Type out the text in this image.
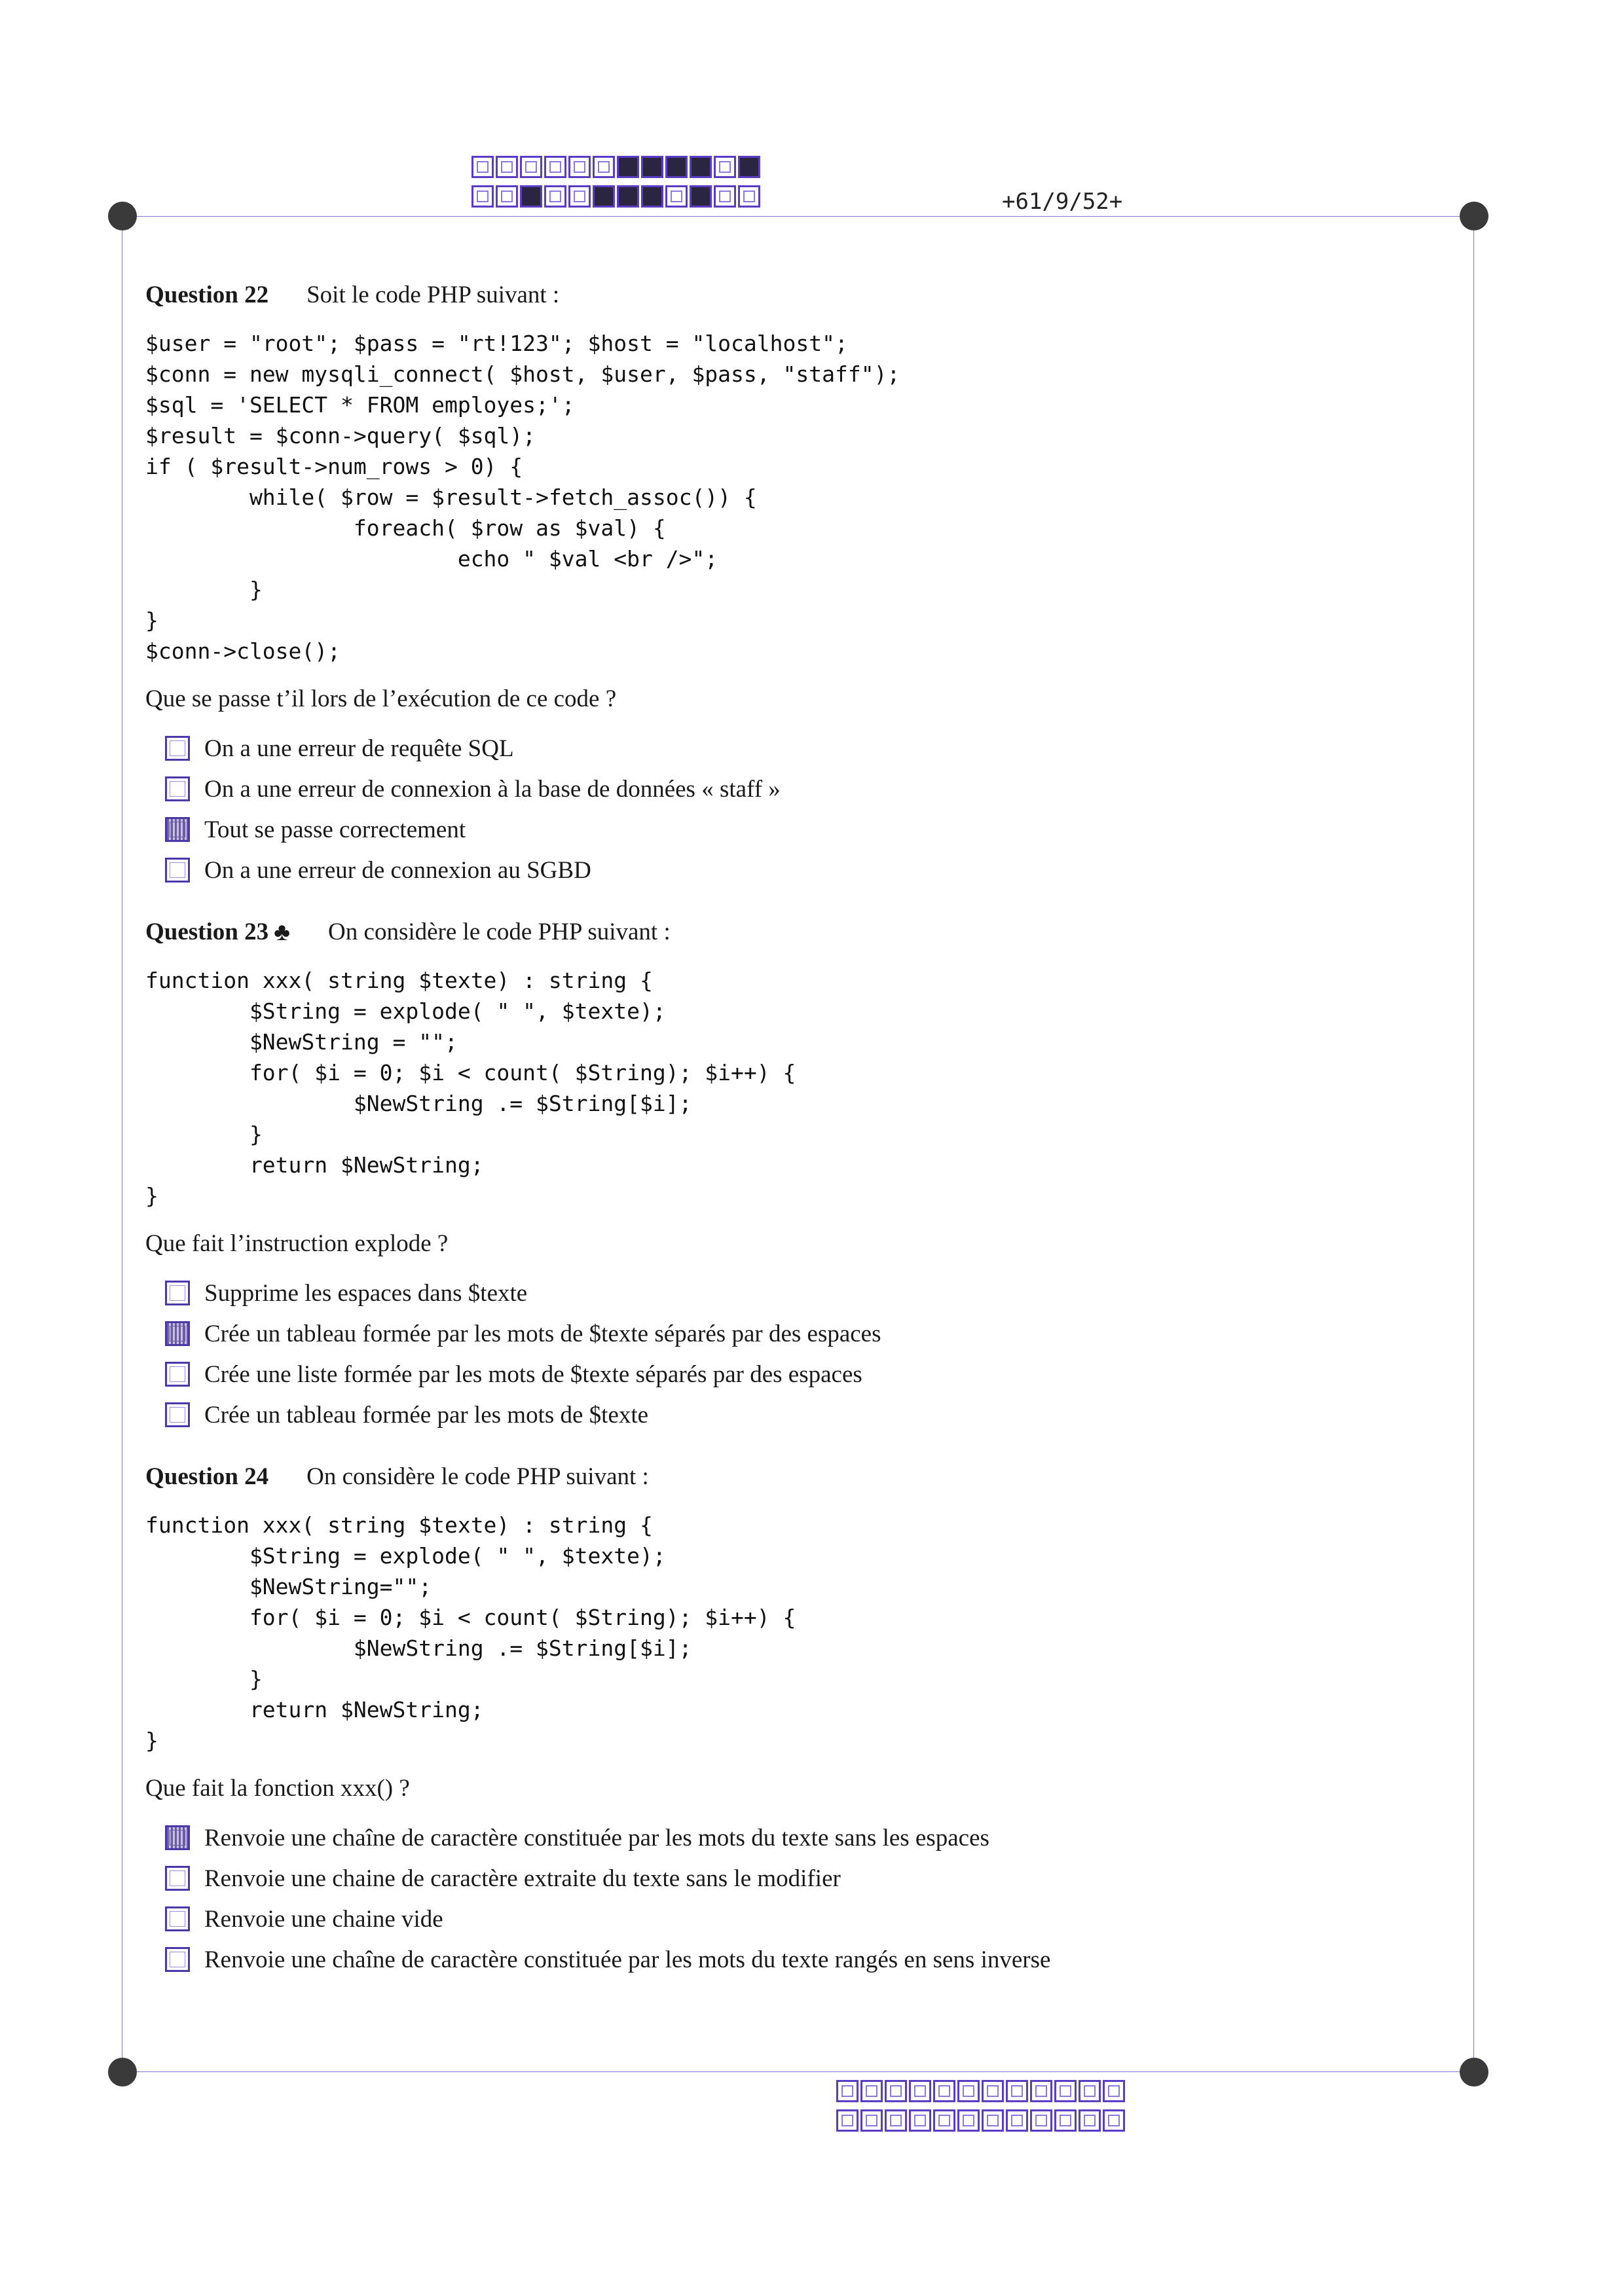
+61/9/52+
Question 22 Soit le code PHP suivant :
$user = "root"; $pass = "rt!123"; $host = "localhost";
$conn = new mysqli_connect( $host, $user, $pass, "staff");
$sql = 'SELECT * FROM employes;';
$result = $conn->query( $sql);
if ( $result->num_rows > 0) {
while( $row = $result->fetch_assoc()) {
foreach( $row as $val) {
echo " $val <br />";
}
}
$conn->close();
Que se passe t’il lors de l’exécution de ce code ?
On a une erreur de requête SQL
On a une erreur de connexion à la base de données « staff »
Tout se passe correctement
On a une erreur de connexion au SGBD
Question 23 ♣ On considère le code PHP suivant :
function xxx( string $texte) : string {
$String = explode( " ", $texte);
$NewString = "";
for( $i = 0; $i < count( $String); $i++) {
$NewString .= $String[$i];
}
return $NewString;
}
Que fait l’instruction explode ?
Supprime les espaces dans $texte
Crée un tableau formée par les mots de $texte séparés par des espaces
Crée une liste formée par les mots de $texte séparés par des espaces
Crée un tableau formée par les mots de $texte
Question 24 On considère le code PHP suivant :
function xxx( string $texte) : string {
$String = explode( " ", $texte);
$NewString="";
for( $i = 0; $i < count( $String); $i++) {
$NewString .= $String[$i];
}
return $NewString;
}
Que fait la fonction xxx() ?
Renvoie une chaîne de caractère constituée par les mots du texte sans les espaces
Renvoie une chaine de caractère extraite du texte sans le modifier
Renvoie une chaine vide
Renvoie une chaîne de caractère constituée par les mots du texte rangés en sens inverse
